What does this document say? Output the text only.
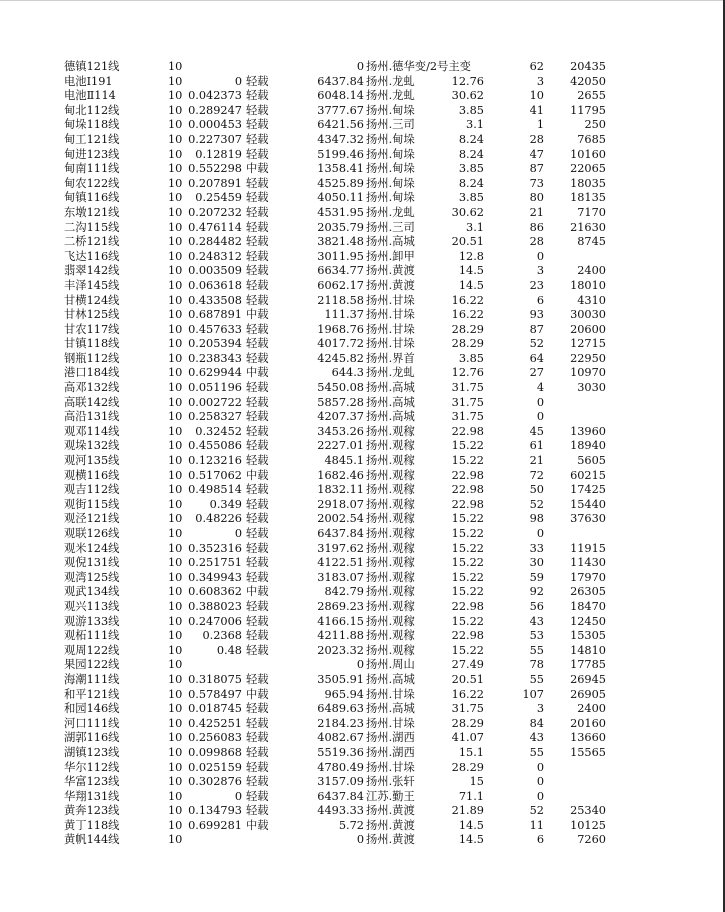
德镇121线	10	0 扬州.德华变/2号主变	62	20435
电池Ⅰ191	10	0 轻载	6437.84 扬州.龙虬	12.76	3	42050
电池Ⅱ114	10 0.042373 轻载	6048.14 扬州.龙虬	30.62	10	2655
甸北112线	10 0.289247 轻载	3777.67 扬州.甸垛	3.85	41	11795
甸垛118线	10 0.000453 轻载	6421.56 扬州.三司	3.1	1	250
甸工121线	10 0.227307 轻载	4347.32 扬州.甸垛	8.24	28	7685
甸进123线	10	0.12819 轻载	5199.46 扬州.甸垛	8.24	47	10160
甸南111线	10 0.552298 中载	1358.41 扬州.甸垛	3.85	87	22065
甸农122线	10 0.207891 轻载	4525.89 扬州.甸垛	8.24	73	18035
甸镇116线	10	0.25459 轻载	4050.11 扬州.甸垛	3.85	80	18135
东墩121线	10 0.207232 轻载	4531.95 扬州.龙虬	30.62	21	7170
二沟115线	10 0.476114 轻载	2035.79 扬州.三司	3.1	86	21630
二桥121线	10 0.284482 轻载	3821.48 扬州.高城	20.51	28	8745
飞达116线	10 0.248312 轻载	3011.95 扬州.卸甲	12.8	0
翡翠142线	10 0.003509 轻载	6634.77 扬州.黄渡	14.5	3	2400
丰泽145线	10 0.063618 轻载	6062.17 扬州.黄渡	14.5	23	18010
甘横124线	10 0.433508 轻载	2118.58 扬州.甘垛	16.22	6	4310
甘林125线	10 0.687891 中载	111.37 扬州.甘垛	16.22	93	30030
甘农117线	10 0.457633 轻载	1968.76 扬州.甘垛	28.29	87	20600
甘镇118线	10 0.205394 轻载	4017.72 扬州.甘垛	28.29	52	12715
钢瓶112线	10 0.238343 轻载	4245.82 扬州.界首	3.85	64	22950
港口184线	10 0.629944 中载	644.3 扬州.龙虬	12.76	27	10970
高邓132线	10 0.051196 轻载	5450.08 扬州.高城	31.75	4	3030
高联142线	10 0.002722 轻载	5857.28 扬州.高城	31.75	0
高沿131线	10 0.258327 轻载	4207.37 扬州.高城	31.75	0
观邓114线	10	0.32452 轻载	3453.26 扬州.观稼	22.98	45	13960
观垛132线	10 0.455086 轻载	2227.01 扬州.观稼	15.22	61	18940
观河135线	10 0.123216 轻载	4845.1 扬州.观稼	15.22	21	5605
观横116线	10 0.517062 中载	1682.46 扬州.观稼	22.98	72	60215
观吉112线	10 0.498514 轻载	1832.11 扬州.观稼	22.98	50	17425
观街115线	10	0.349 轻载	2918.07 扬州.观稼	22.98	52	15440
观泾121线	10	0.48226 轻载	2002.54 扬州.观稼	15.22	98	37630
观联126线	10	0 轻载	6437.84 扬州.观稼	15.22	0
观米124线	10 0.352316 轻载	3197.62 扬州.观稼	15.22	33	11915
观倪131线	10 0.251751 轻载	4122.51 扬州.观稼	15.22	30	11430
观湾125线	10 0.349943 轻载	3183.07 扬州.观稼	15.22	59	17970
观武134线	10 0.608362 中载	842.79 扬州.观稼	15.22	92	26305
观兴113线	10 0.388023 轻载	2869.23 扬州.观稼	22.98	56	18470
观游133线	10 0.247006 轻载	4166.15 扬州.观稼	15.22	43	12450
观柘111线	10	0.2368 轻载	4211.88 扬州.观稼	22.98	53	15305
观周122线	10	0.48 轻载	2023.32 扬州.观稼	15.22	55	14810
果园122线	10	0 扬州.周山	27.49	78	17785
海潮111线	10 0.318075 轻载	3505.91 扬州.高城	20.51	55	26945
和平121线	10 0.578497 中载	965.94 扬州.甘垛	16.22	107	26905
和园146线	10 0.018745 轻载	6489.63 扬州.高城	31.75	3	2400
河口111线	10 0.425251 轻载	2184.23 扬州.甘垛	28.29	84	20160
湖郭116线	10 0.256083 轻载	4082.67 扬州.湖西	41.07	43	13660
湖镇123线	10 0.099868 轻载	5519.36 扬州.湖西	15.1	55	15565
华尔112线	10 0.025159 轻载	4780.49 扬州.甘垛	28.29	0
华富123线	10 0.302876 轻载	3157.09 扬州.张轩	15	0
华翔131线	10	0 轻载	6437.84 江苏.勤王	71.1	0
黄奔123线	10 0.134793 轻载	4493.33 扬州.黄渡	21.89	52	25340
黄丁118线	10 0.699281 中载	5.72 扬州.黄渡	14.5	11	10125
黄帆144线	10	0 扬州.黄渡	14.5	6	7260
